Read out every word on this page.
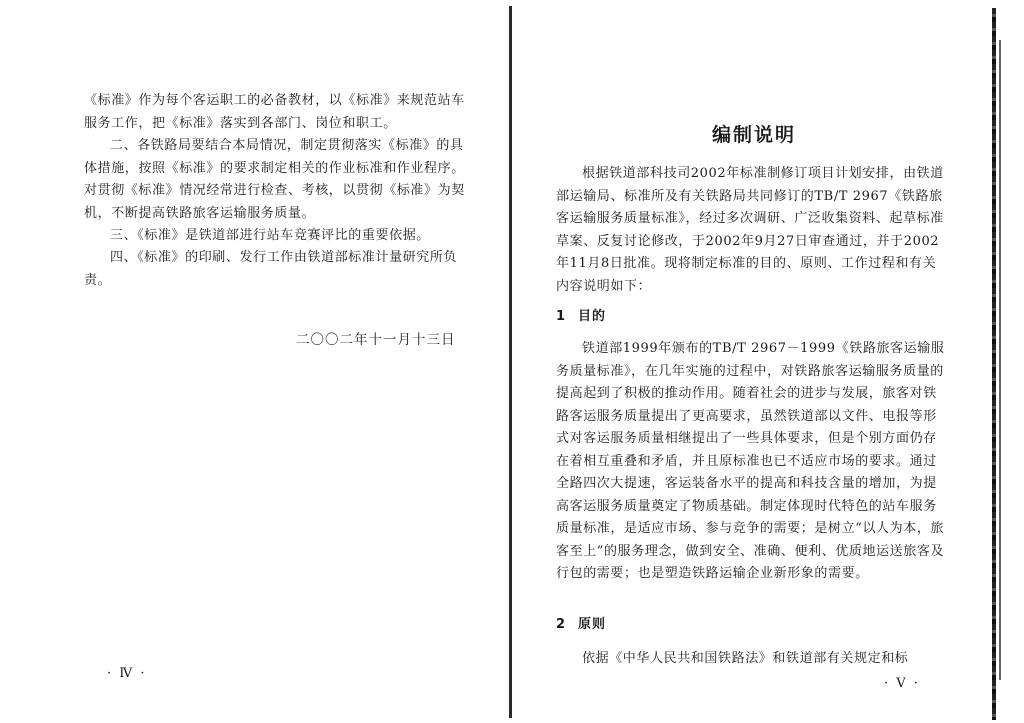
《标准》作为每个客运职工的必备教材，以《标准》来规范站车服务工作，把《标准》落实到各部门、岗位和职工。

二、各铁路局要结合本局情况，制定贯彻落实《标准》的具体措施，按照《标准》的要求制定相关的作业标准和作业程序。对贯彻《标准》情况经常进行检查、考核，以贯彻《标准》为契机，不断提高铁路旅客运输服务质量。

三、《标准》是铁道部进行站车竞赛评比的重要依据。

四、《标准》的印刷、发行工作由铁道部标准计量研究所负责。

二〇〇二年十一月十三日
· Ⅳ ·
编制说明

根据铁道部科技司2002年标准制修订项目计划安排，由铁道部运输局、标准所及有关铁路局共同修订的TB/T 2967《铁路旅客运输服务质量标准》，经过多次调研、广泛收集资料、起草标准草案、反复讨论修改，于2002年9月27日审查通过，并于2002年11月8日批准。现将制定标准的目的、原则、工作过程和有关内容说明如下：

1 目的

铁道部1999年颁布的TB/T 2967－1999《铁路旅客运输服务质量标准》，在几年实施的过程中，对铁路旅客运输服务质量的提高起到了积极的推动作用。随着社会的进步与发展，旅客对铁路客运服务质量提出了更高要求，虽然铁道部以文件、电报等形式对客运服务质量相继提出了一些具体要求，但是个别方面仍存在着相互重叠和矛盾，并且原标准也已不适应市场的要求。通过全路四次大提速，客运装备水平的提高和科技含量的增加，为提高客运服务质量奠定了物质基础。制定体现时代特色的站车服务质量标准，是适应市场、参与竞争的需要；是树立“以人为本，旅客至上”的服务理念，做到安全、准确、便利、优质地运送旅客及行包的需要；也是塑造铁路运输企业新形象的需要。

2 原则

依据《中华人民共和国铁路法》和铁道部有关规定和标

· Ⅴ ·
